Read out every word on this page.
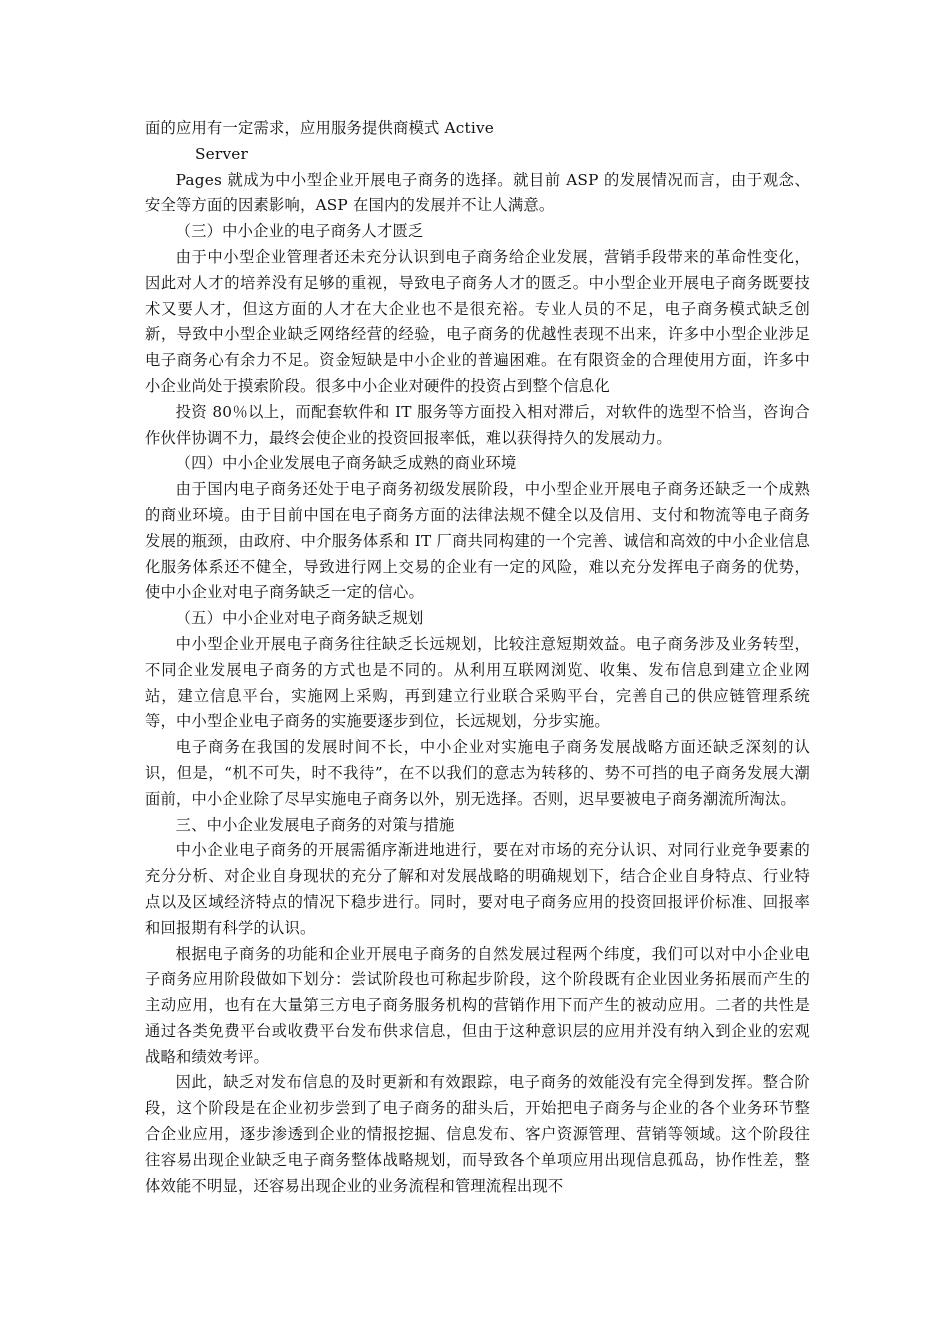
面的应用有一定需求，应用服务提供商模式 Active

Server

Pages 就成为中小型企业开展电子商务的选择。就目前 ASP 的发展情况而言，由于观念、安全等方面的因素影响，ASP 在国内的发展并不让人满意。

（三）中小企业的电子商务人才匮乏

由于中小型企业管理者还未充分认识到电子商务给企业发展，营销手段带来的革命性变化，因此对人才的培养没有足够的重视，导致电子商务人才的匮乏。中小型企业开展电子商务既要技术又要人才，但这方面的人才在大企业也不是很充裕。专业人员的不足，电子商务模式缺乏创新，导致中小型企业缺乏网络经营的经验，电子商务的优越性表现不出来，许多中小型企业涉足电子商务心有余力不足。资金短缺是中小企业的普遍困难。在有限资金的合理使用方面，许多中小企业尚处于摸索阶段。很多中小企业对硬件的投资占到整个信息化

投资 80％以上，而配套软件和 IT 服务等方面投入相对滞后，对软件的选型不恰当，咨询合作伙伴协调不力，最终会使企业的投资回报率低，难以获得持久的发展动力。

（四）中小企业发展电子商务缺乏成熟的商业环境

由于国内电子商务还处于电子商务初级发展阶段，中小型企业开展电子商务还缺乏一个成熟的商业环境。由于目前中国在电子商务方面的法律法规不健全以及信用、支付和物流等电子商务发展的瓶颈，由政府、中介服务体系和 IT 厂商共同构建的一个完善、诚信和高效的中小企业信息化服务体系还不健全，导致进行网上交易的企业有一定的风险，难以充分发挥电子商务的优势，使中小企业对电子商务缺乏一定的信心。

（五）中小企业对电子商务缺乏规划

中小型企业开展电子商务往往缺乏长远规划，比较注意短期效益。电子商务涉及业务转型，不同企业发展电子商务的方式也是不同的。从利用互联网浏览、收集、发布信息到建立企业网站，建立信息平台，实施网上采购，再到建立行业联合采购平台，完善自己的供应链管理系统等，中小型企业电子商务的实施要逐步到位，长远规划，分步实施。

电子商务在我国的发展时间不长，中小企业对实施电子商务发展战略方面还缺乏深刻的认识，但是，“机不可失，时不我待”，在不以我们的意志为转移的、势不可挡的电子商务发展大潮面前，中小企业除了尽早实施电子商务以外，别无选择。否则，迟早要被电子商务潮流所淘汰。

三、中小企业发展电子商务的对策与措施

中小企业电子商务的开展需循序渐进地进行，要在对市场的充分认识、对同行业竞争要素的充分分析、对企业自身现状的充分了解和对发展战略的明确规划下，结合企业自身特点、行业特点以及区域经济特点的情况下稳步进行。同时，要对电子商务应用的投资回报评价标准、回报率和回报期有科学的认识。

根据电子商务的功能和企业开展电子商务的自然发展过程两个纬度，我们可以对中小企业电子商务应用阶段做如下划分：尝试阶段也可称起步阶段，这个阶段既有企业因业务拓展而产生的主动应用，也有在大量第三方电子商务服务机构的营销作用下而产生的被动应用。二者的共性是通过各类免费平台或收费平台发布供求信息，但由于这种意识层的应用并没有纳入到企业的宏观战略和绩效考评。

因此，缺乏对发布信息的及时更新和有效跟踪，电子商务的效能没有完全得到发挥。整合阶段，这个阶段是在企业初步尝到了电子商务的甜头后，开始把电子商务与企业的各个业务环节整合企业应用，逐步渗透到企业的情报挖掘、信息发布、客户资源管理、营销等领域。这个阶段往往容易出现企业缺乏电子商务整体战略规划，而导致各个单项应用出现信息孤岛，协作性差，整体效能不明显，还容易出现企业的业务流程和管理流程出现不
